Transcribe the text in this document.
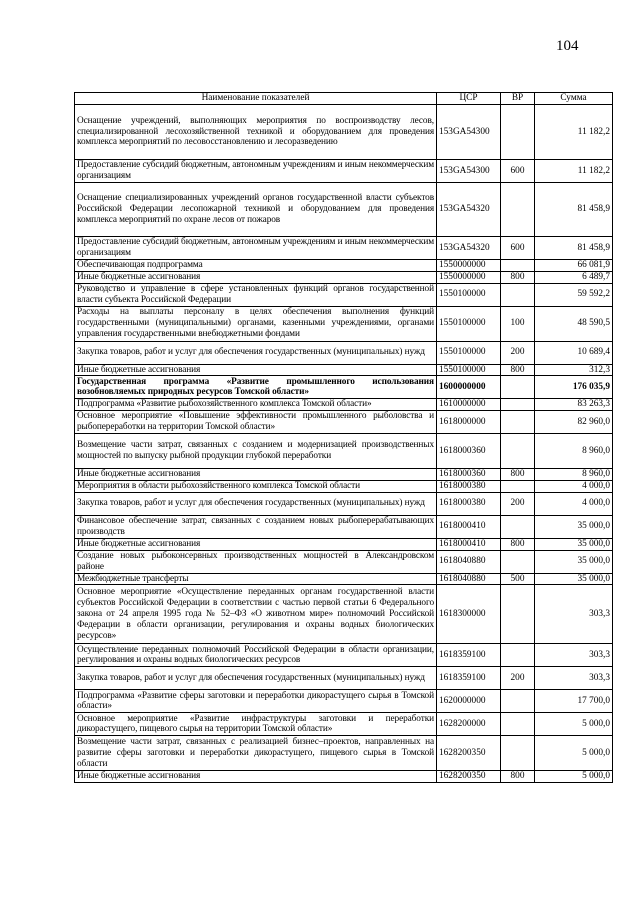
104
Наименование показателей	ЦСР	ВР	Сумма
Оснащение учреждений, выполняющих мероприятия по воспроизводству лесов, специализированной лесохозяйственной техникой и оборудованием для проведения комплекса мероприятий по лесовосстановлению и лесоразведению	153GA54300		11 182,2
Предоставление субсидий бюджетным, автономным учреждениям и иным некоммерческим организациям	153GA54300	600	11 182,2
Оснащение специализированных учреждений органов государственной власти субъектов Российской Федерации лесопожарной техникой и оборудованием для проведения комплекса мероприятий по охране лесов от пожаров	153GA54320		81 458,9
Предоставление субсидий бюджетным, автономным учреждениям и иным некоммерческим организациям	153GA54320	600	81 458,9
Обеспечивающая подпрограмма	1550000000		66 081,9
Иные бюджетные ассигнования	1550000000	800	6 489,7
Руководство и управление в сфере установленных функций органов государственной власти субъекта Российской Федерации	1550100000		59 592,2
Расходы на выплаты персоналу в целях обеспечения выполнения функций государственными (муниципальными) органами, казенными учреждениями, органами управления государственными внебюджетными фондами	1550100000	100	48 590,5
Закупка товаров, работ и услуг для обеспечения государственных (муниципальных) нужд	1550100000	200	10 689,4
Иные бюджетные ассигнования	1550100000	800	312,3
Государственная программа «Развитие промышленного использования возобновляемых природных ресурсов Томской области»	1600000000		176 035,9
Подпрограмма «Развитие рыбохозяйственного комплекса Томской области»	1610000000		83 263,3
Основное мероприятие «Повышение эффективности промышленного рыболовства и рыбопереработки на территории Томской области»	1618000000		82 960,0
Возмещение части затрат, связанных с созданием и модернизацией производственных мощностей по выпуску рыбной продукции глубокой переработки	1618000360		8 960,0
Иные бюджетные ассигнования	1618000360	800	8 960,0
Мероприятия в области рыбохозяйственного комплекса Томской области	1618000380		4 000,0
Закупка товаров, работ и услуг для обеспечения государственных (муниципальных) нужд	1618000380	200	4 000,0
Финансовое обеспечение затрат, связанных с созданием новых рыбоперерабатывающих производств	1618000410		35 000,0
Иные бюджетные ассигнования	1618000410	800	35 000,0
Создание новых рыбоконсервных производственных мощностей в Александровском районе	1618040880		35 000,0
Межбюджетные трансферты	1618040880	500	35 000,0
Основное мероприятие «Осуществление переданных органам государственной власти субъектов Российской Федерации в соответствии с частью первой статьи 6 Федерального закона от 24 апреля 1995 года № 52–ФЗ «О животном мире» полномочий Российской Федерации в области организации, регулирования и охраны водных биологических ресурсов»	1618300000		303,3
Осуществление переданных полномочий Российской Федерации в области организации, регулирования и охраны водных биологических ресурсов	1618359100		303,3
Закупка товаров, работ и услуг для обеспечения государственных (муниципальных) нужд	1618359100	200	303,3
Подпрограмма «Развитие сферы заготовки и переработки дикорастущего сырья в Томской области»	1620000000		17 700,0
Основное мероприятие «Развитие инфраструктуры заготовки и переработки дикорастущего, пищевого сырья на территории Томской области»	1628200000		5 000,0
Возмещение части затрат, связанных с реализацией бизнес–проектов, направленных на развитие сферы заготовки и переработки дикорастущего, пищевого сырья в Томской области	1628200350		5 000,0
Иные бюджетные ассигнования	1628200350	800	5 000,0
